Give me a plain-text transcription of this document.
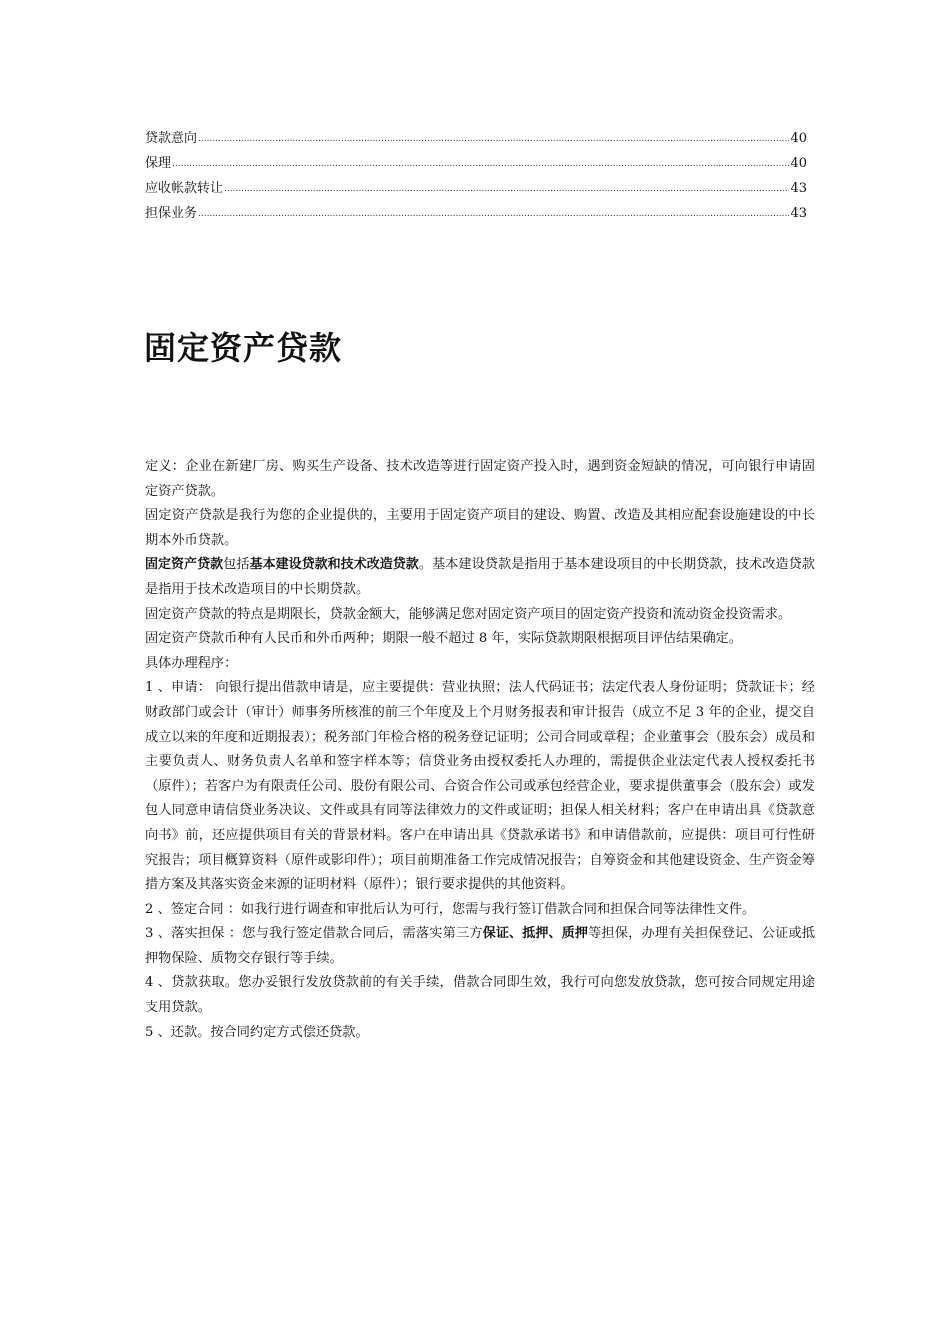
贷款意向 .....	40
保理 .....	40
应收帐款转让 .....	43
担保业务 .....	43
固定资产贷款

定义：企业在新建厂房、购买生产设备、技术改造等进行固定资产投入时，遇到资金短缺的情况，可向银行申请固定资产贷款。

固定资产贷款是我行为您的企业提供的，主要用于固定资产项目的建设、购置、改造及其相应配套设施建设的中长期本外币贷款。

固定资产贷款包括基本建设贷款和技术改造贷款。基本建设贷款是指用于基本建设项目的中长期贷款，技术改造贷款是指用于技术改造项目的中长期贷款。

固定资产贷款的特点是期限长，贷款金额大，能够满足您对固定资产项目的固定资产投资和流动资金投资需求。

固定资产贷款币种有人民币和外币两种；期限一般不超过 8 年，实际贷款期限根据项目评估结果确定。

具体办理程序：

1 、申请： 向银行提出借款申请是，应主要提供：营业执照；法人代码证书；法定代表人身份证明；贷款证卡；经财政部门或会计（审计）师事务所核准的前三个年度及上个月财务报表和审计报告（成立不足 3 年的企业，提交自成立以来的年度和近期报表）；税务部门年检合格的税务登记证明；公司合同或章程；企业董事会（股东会）成员和主要负责人、财务负责人名单和签字样本等；信贷业务由授权委托人办理的，需提供企业法定代表人授权委托书（原件）；若客户为有限责任公司、股份有限公司、合资合作公司或承包经营企业，要求提供董事会（股东会）或发包人同意申请信贷业务决议、文件或具有同等法律效力的文件或证明；担保人相关材料；客户在申请出具《贷款意向书》前，还应提供项目有关的背景材料。客户在申请出具《贷款承诺书》和申请借款前，应提供：项目可行性研究报告；项目概算资料（原件或影印件）；项目前期准备工作完成情况报告；自筹资金和其他建设资金、生产资金筹措方案及其落实资金来源的证明材料（原件）；银行要求提供的其他资料。

2 、签定合同 ：如我行进行调查和审批后认为可行，您需与我行签订借款合同和担保合同等法律性文件。

3 、落实担保 ：您与我行签定借款合同后，需落实第三方保证、抵押、质押等担保，办理有关担保登记、公证或抵押物保险、质物交存银行等手续。

4 、贷款获取。您办妥银行发放贷款前的有关手续，借款合同即生效，我行可向您发放贷款，您可按合同规定用途支用贷款。

5 、还款。按合同约定方式偿还贷款。
